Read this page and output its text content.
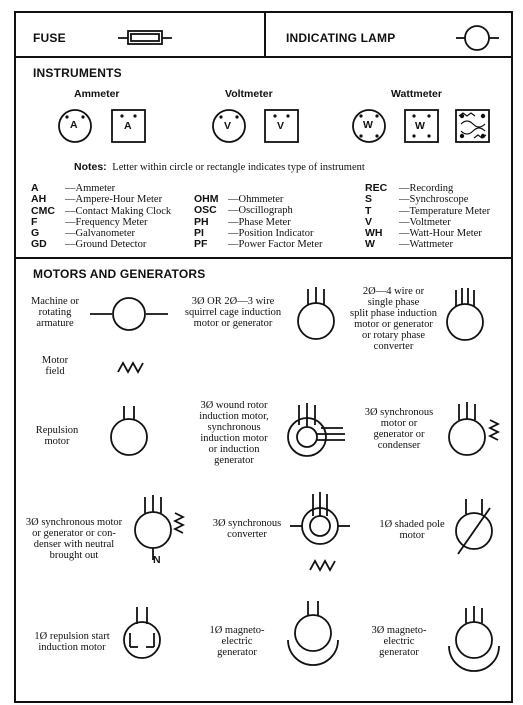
FUSE	INDICATING LAMP
INSTRUMENTS
Ammeter	Voltmeter	Wattmeter
A	A	V	V	W	W
Notes: Letter within circle or rectangle indicates type of instrument
A	—Ammeter
AH —Ampere-Hour Meter
CMC —Contact Making Clock
F	—Frequency Meter
G —Galvanometer
GD —Ground Detector
OHM —Ohmmeter
OSC —Oscillograph
PH —Phase Meter
PI —Position Indicator
PF —Power Factor Meter
REC —Recording
S	—Synchroscope
T	—Temperature Meter
V	—Voltmeter
WH —Watt-Hour Meter
W —Wattmeter
MOTORS AND GENERATORS
Machine or
rotating
armature
3Ø OR 2Ø—3 wire
squirrel cage induction
motor or generator
2Ø—4 wire or
single phase
split phase induction
motor or generator
or rotary phase
converter
Motor
field
Repulsion
motor
3Ø wound rotor
induction motor,
synchronous
induction motor
or induction
generator
3Ø synchronous
motor or
generator or
condenser
3Ø synchronous motor
or generator or con-
denser with neutral
brought out	N
3Ø synchronous
converter
1Ø shaded pole
motor
1Ø repulsion start
induction motor
1Ø magneto-
electric
generator
3Ø magneto-
electric
generator
